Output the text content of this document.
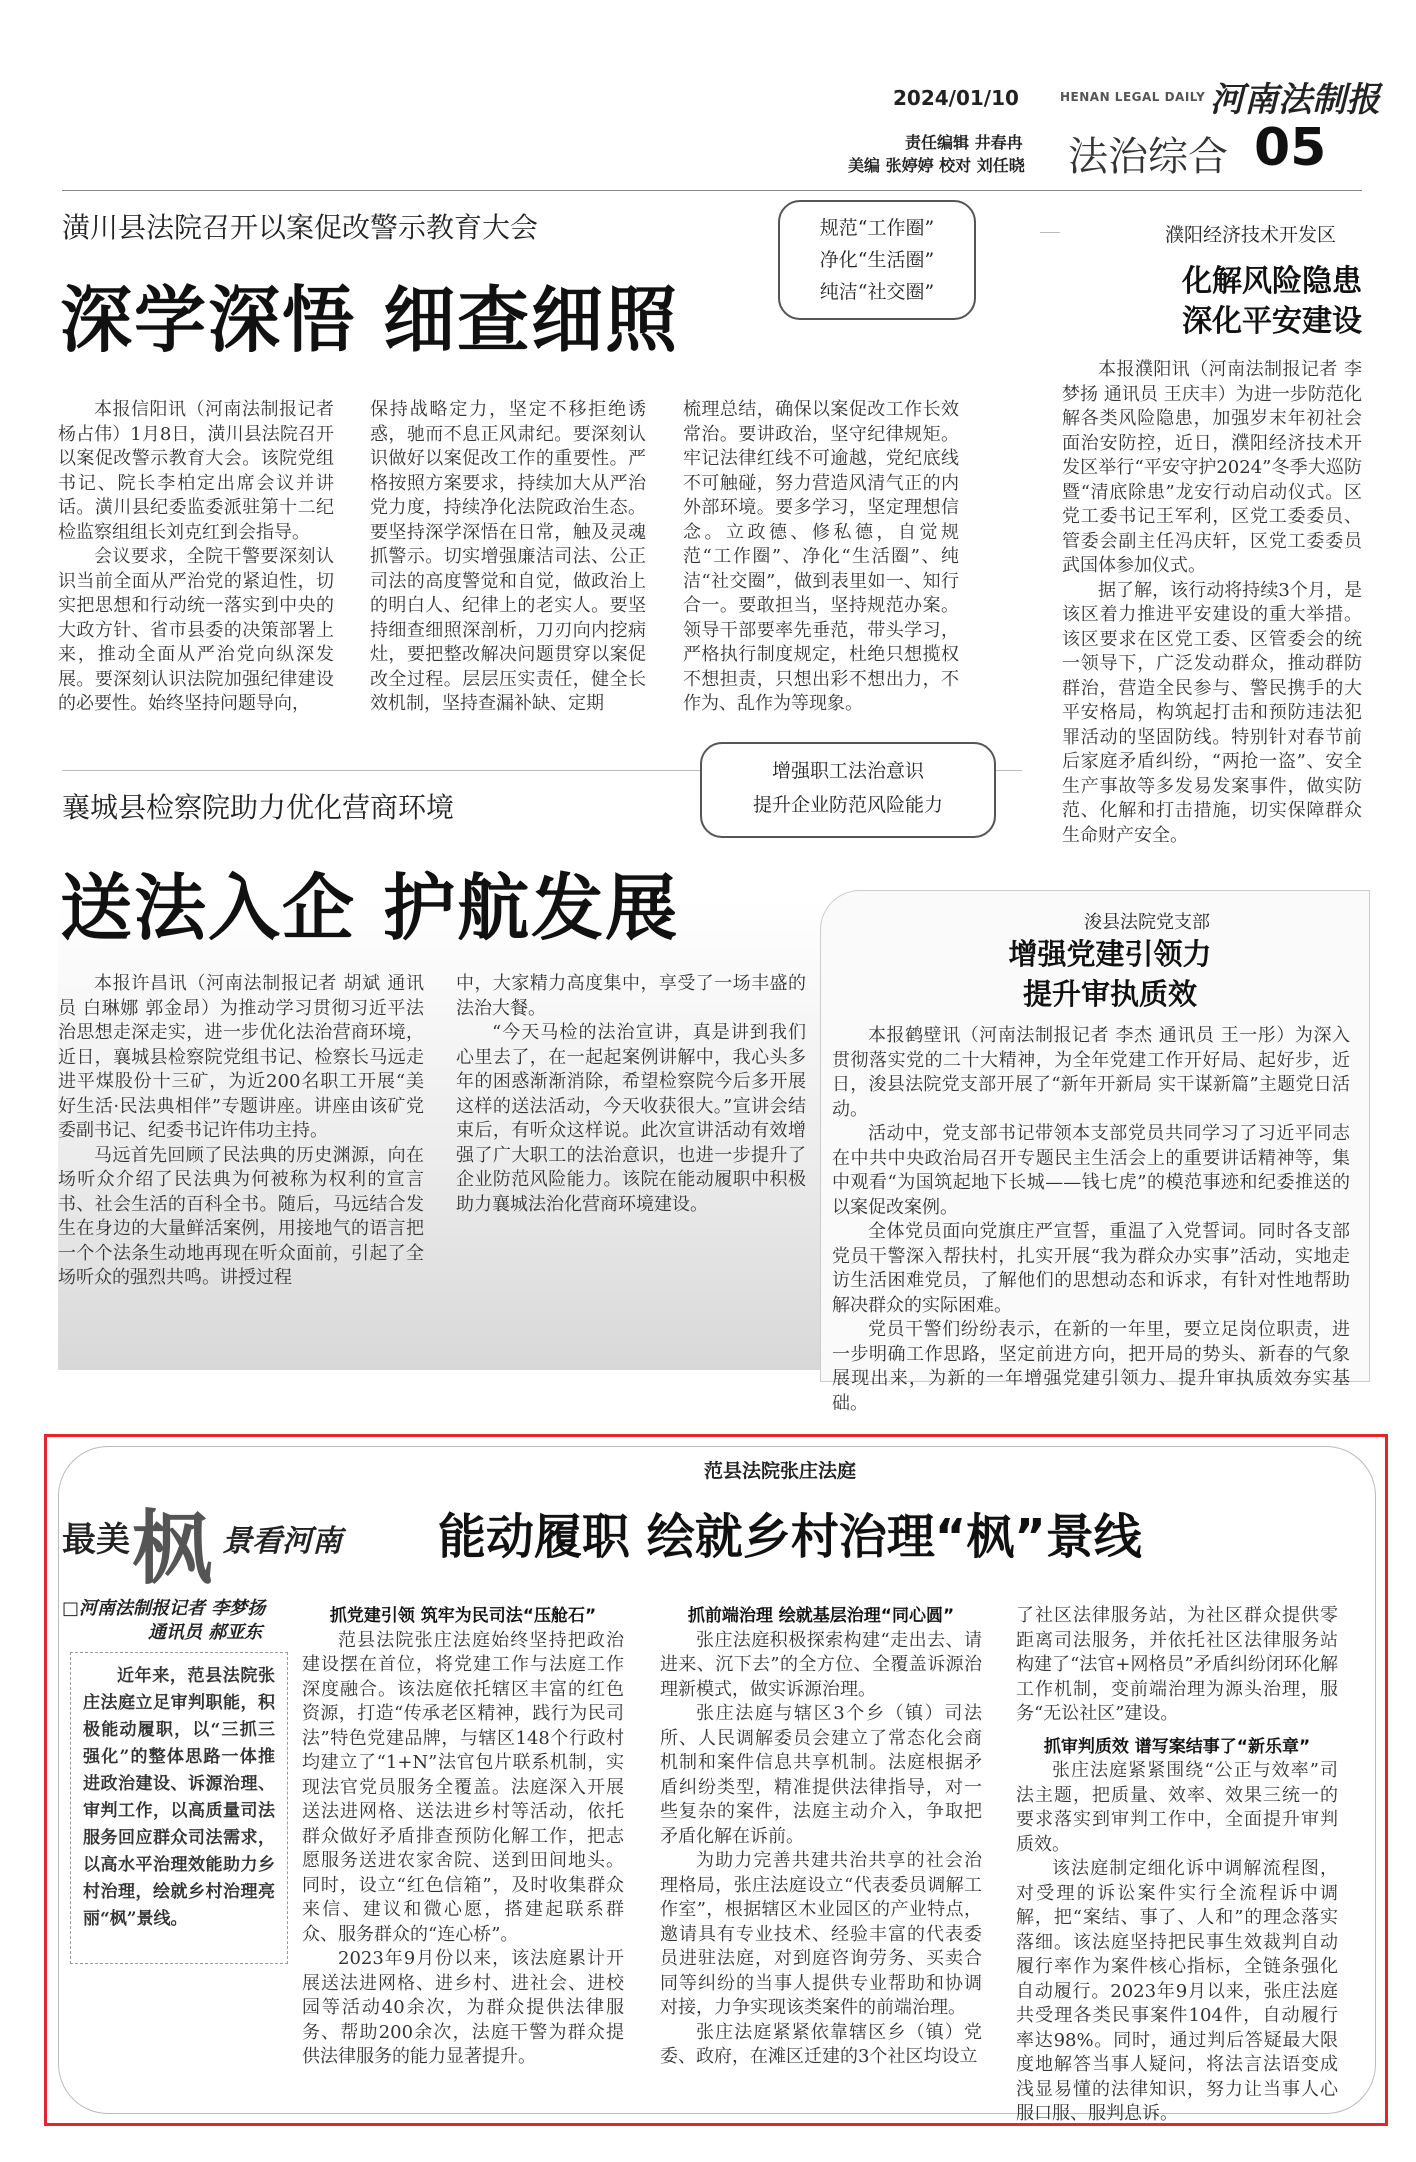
2024/01/10	HENAN LEGAL DAILY 河南法制报
责任编辑 井春冉
美编 张婷婷 校对 刘任晓 法治综合 05
潢川县法院召开以案促改警示教育大会
深学深悟 细查细照
规范“工作圈”
净化“生活圈”
纯洁“社交圈”

本报信阳讯（河南法制报记者 杨占伟）1月8日，潢川县法院召开以案促改警示教育大会。该院党组书记、院长李柏定出席会议并讲话。潢川县纪委监委派驻第十二纪检监察组组长刘克红到会指导。

会议要求，全院干警要深刻认识当前全面从严治党的紧迫性，切实把思想和行动统一落实到中央的大政方针、省市县委的决策部署上来，推动全面从严治党向纵深发展。要深刻认识法院加强纪律建设的必要性。始终坚持问题导向，

保持战略定力，坚定不移拒绝诱惑，驰而不息正风肃纪。要深刻认识做好以案促改工作的重要性。严格按照方案要求，持续加大从严治党力度，持续净化法院政治生态。要坚持深学深悟在日常，触及灵魂抓警示。切实增强廉洁司法、公正司法的高度警觉和自觉，做政治上的明白人、纪律上的老实人。要坚持细查细照深剖析，刀刃向内挖病灶，要把整改解决问题贯穿以案促改全过程。层层压实责任，健全长效机制，坚持查漏补缺、定期

梳理总结，确保以案促改工作长效常治。要讲政治，坚守纪律规矩。牢记法律红线不可逾越，党纪底线不可触碰，努力营造风清气正的内外部环境。要多学习，坚定理想信念。立政德、修私德，自觉规范“工作圈”、净化“生活圈”、纯洁“社交圈”，做到表里如一、知行合一。要敢担当，坚持规范办案。领导干部要率先垂范，带头学习，严格执行制度规定，杜绝只想揽权不想担责，只想出彩不想出力，不作为、乱作为等现象。

濮阳经济技术开发区
化解风险隐患
深化平安建设

本报濮阳讯（河南法制报记者 李梦扬 通讯员 王庆丰）为进一步防范化解各类风险隐患，加强岁末年初社会面治安防控，近日，濮阳经济技术开发区举行“平安守护2024”冬季大巡防暨“清底除患”龙安行动启动仪式。区党工委书记王军利，区党工委委员、管委会副主任冯庆轩，区党工委委员武国体参加仪式。

据了解，该行动将持续3个月，是该区着力推进平安建设的重大举措。该区要求在区党工委、区管委会的统一领导下，广泛发动群众，推动群防群治，营造全民参与、警民携手的大平安格局，构筑起打击和预防违法犯罪活动的坚固防线。特别针对春节前后家庭矛盾纠纷，“两抢一盗”、安全生产事故等多发易发案事件，做实防范、化解和打击措施，切实保障群众生命财产安全。

襄城县检察院助力优化营商环境
送法入企 护航发展
增强职工法治意识
提升企业防范风险能力

本报许昌讯（河南法制报记者 胡斌 通讯员 白琳娜 郭金昂）为推动学习贯彻习近平法治思想走深走实，进一步优化法治营商环境，近日，襄城县检察院党组书记、检察长马远走进平煤股份十三矿，为近200名职工开展“美好生活·民法典相伴”专题讲座。讲座由该矿党委副书记、纪委书记许伟功主持。

马远首先回顾了民法典的历史渊源，向在场听众介绍了民法典为何被称为权利的宣言书、社会生活的百科全书。随后，马远结合发生在身边的大量鲜活案例，用接地气的语言把一个个法条生动地再现在听众面前，引起了全场听众的强烈共鸣。讲授过程

中，大家精力高度集中，享受了一场丰盛的法治大餐。

“今天马检的法治宣讲，真是讲到我们心里去了，在一起起案例讲解中，我心头多年的困惑渐渐消除，希望检察院今后多开展这样的送法活动，今天收获很大。”宣讲会结束后，有听众这样说。此次宣讲活动有效增强了广大职工的法治意识，也进一步提升了企业防范风险能力。该院在能动履职中积极助力襄城法治化营商环境建设。

浚县法院党支部
增强党建引领力
提升审执质效

本报鹤壁讯（河南法制报记者 李杰 通讯员 王一彤）为深入贯彻落实党的二十大精神，为全年党建工作开好局、起好步，近日，浚县法院党支部开展了“新年开新局 实干谋新篇”主题党日活动。

活动中，党支部书记带领本支部党员共同学习了习近平同志在中共中央政治局召开专题民主生活会上的重要讲话精神等，集中观看“为国筑起地下长城——钱七虎”的模范事迹和纪委推送的以案促改案例。

全体党员面向党旗庄严宣誓，重温了入党誓词。同时各支部党员干警深入帮扶村，扎实开展“我为群众办实事”活动，实地走访生活困难党员，了解他们的思想动态和诉求，有针对性地帮助解决群众的实际困难。

党员干警们纷纷表示，在新的一年里，要立足岗位职责，进一步明确工作思路，坚定前进方向，把开局的势头、新春的气象展现出来，为新的一年增强党建引领力、提升审执质效夯实基础。

范县法院张庄法庭
最美 枫 景看河南 能动履职 绘就乡村治理“枫”景线
□河南法制报记者 李梦扬
通讯员 郝亚东

近年来，范县法院张庄法庭立足审判职能，积极能动履职，以“三抓三强化”的整体思路一体推进政治建设、诉源治理、审判工作，以高质量司法服务回应群众司法需求，以高水平治理效能助力乡村治理，绘就乡村治理亮丽“枫”景线。

抓党建引领 筑牢为民司法“压舱石”

范县法院张庄法庭始终坚持把政治建设摆在首位，将党建工作与法庭工作深度融合。该法庭依托辖区丰富的红色资源，打造“传承老区精神，践行为民司法”特色党建品牌，与辖区148个行政村均建立了“1+N”法官包片联系机制，实现法官党员服务全覆盖。法庭深入开展送法进网格、送法进乡村等活动，依托群众做好矛盾排查预防化解工作，把志愿服务送进农家舍院、送到田间地头。同时，设立“红色信箱”，及时收集群众来信、建议和微心愿，搭建起联系群众、服务群众的“连心桥”。

2023年9月份以来，该法庭累计开展送法进网格、进乡村、进社会、进校园等活动40余次，为群众提供法律服务、帮助200余次，法庭干警为群众提供法律服务的能力显著提升。

抓前端治理 绘就基层治理“同心圆”

张庄法庭积极探索构建“走出去、请进来、沉下去”的全方位、全覆盖诉源治理新模式，做实诉源治理。

张庄法庭与辖区3个乡（镇）司法所、人民调解委员会建立了常态化会商机制和案件信息共享机制。法庭根据矛盾纠纷类型，精准提供法律指导，对一些复杂的案件，法庭主动介入，争取把矛盾化解在诉前。

为助力完善共建共治共享的社会治理格局，张庄法庭设立“代表委员调解工作室”，根据辖区木业园区的产业特点，邀请具有专业技术、经验丰富的代表委员进驻法庭，对到庭咨询劳务、买卖合同等纠纷的当事人提供专业帮助和协调对接，力争实现该类案件的前端治理。

张庄法庭紧紧依靠辖区乡（镇）党委、政府，在滩区迁建的3个社区均设立

了社区法律服务站，为社区群众提供零距离司法服务，并依托社区法律服务站构建了“法官+网格员”矛盾纠纷闭环化解工作机制，变前端治理为源头治理，服务“无讼社区”建设。

抓审判质效 谱写案结事了“新乐章”

张庄法庭紧紧围绕“公正与效率”司法主题，把质量、效率、效果三统一的要求落实到审判工作中，全面提升审判质效。

该法庭制定细化诉中调解流程图，对受理的诉讼案件实行全流程诉中调解，把“案结、事了、人和”的理念落实落细。该法庭坚持把民事生效裁判自动履行率作为案件核心指标，全链条强化自动履行。2023年9月以来，张庄法庭共受理各类民事案件104件，自动履行率达98%。同时，通过判后答疑最大限度地解答当事人疑问，将法言法语变成浅显易懂的法律知识，努力让当事人心服口服、服判息诉。
